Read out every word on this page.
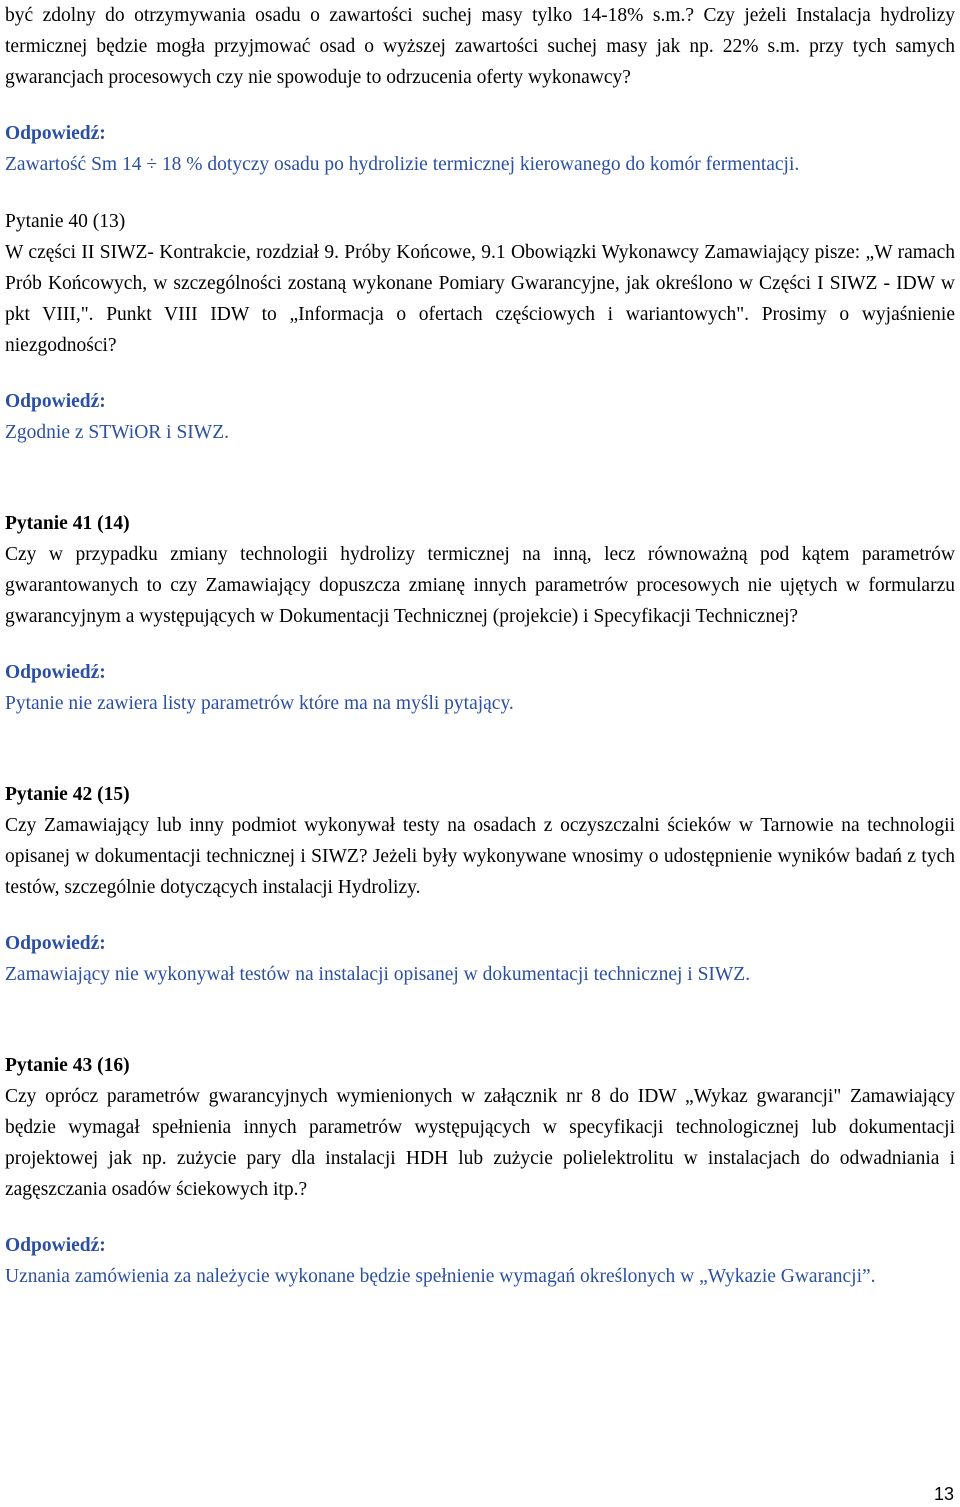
być zdolny do otrzymywania osadu o zawartości suchej masy tylko 14-18% s.m.? Czy jeżeli Instalacja hydrolizy termicznej będzie mogła przyjmować osad o wyższej zawartości suchej masy jak np. 22% s.m. przy tych samych gwarancjach procesowych czy nie spowoduje to odrzucenia oferty wykonawcy?

Odpowiedź:

Zawartość Sm 14 ÷ 18 % dotyczy osadu po hydrolizie termicznej kierowanego do komór fermentacji.

Pytanie 40 (13)

W części II SIWZ- Kontrakcie, rozdział 9. Próby Końcowe, 9.1 Obowiązki Wykonawcy Zamawiający pisze: „W ramach Prób Końcowych, w szczególności zostaną wykonane Pomiary Gwarancyjne, jak określono w Części I SIWZ - IDW w pkt VIII,". Punkt VIII IDW to „Informacja o ofertach częściowych i wariantowych". Prosimy o wyjaśnienie niezgodności?

Odpowiedź:

Zgodnie z STWiOR i SIWZ.

Pytanie 41 (14)

Czy w przypadku zmiany technologii hydrolizy termicznej na inną, lecz równoważną pod kątem parametrów gwarantowanych to czy Zamawiający dopuszcza zmianę innych parametrów procesowych nie ujętych w formularzu gwarancyjnym a występujących w Dokumentacji Technicznej (projekcie) i Specyfikacji Technicznej?

Odpowiedź:

Pytanie nie zawiera listy parametrów które ma na myśli pytający.

Pytanie 42 (15)

Czy Zamawiający lub inny podmiot wykonywał testy na osadach z oczyszczalni ścieków w Tarnowie na technologii opisanej w dokumentacji technicznej i SIWZ? Jeżeli były wykonywane wnosimy o udostępnienie wyników badań z tych testów, szczególnie dotyczących instalacji Hydrolizy.

Odpowiedź:

Zamawiający nie wykonywał testów na instalacji opisanej w dokumentacji technicznej i SIWZ.

Pytanie 43 (16)

Czy oprócz parametrów gwarancyjnych wymienionych w załącznik nr 8 do IDW „Wykaz gwarancji" Zamawiający będzie wymagał spełnienia innych parametrów występujących w specyfikacji technologicznej lub dokumentacji projektowej jak np. zużycie pary dla instalacji HDH lub zużycie polielektrolitu w instalacjach do odwadniania i zagęszczania osadów ściekowych itp.?

Odpowiedź:

Uznania zamówienia za należycie wykonane będzie spełnienie wymagań określonych w „Wykazie Gwarancji”.

13
